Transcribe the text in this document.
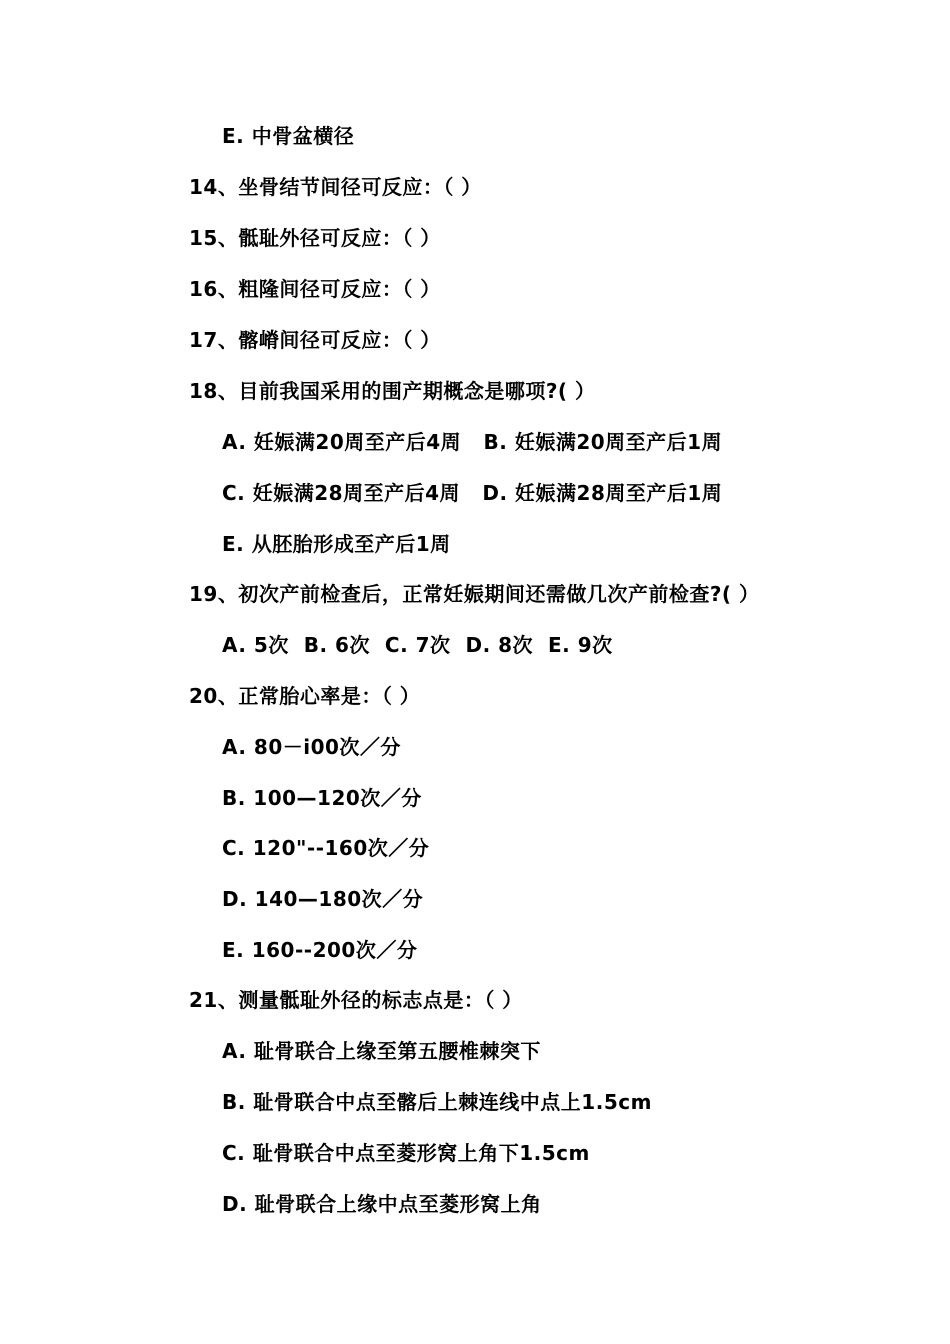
E. 中骨盆横径
14、坐骨结节间径可反应：（ ）
15、骶耻外径可反应：（ ）
16、粗隆间径可反应：（ ）
17、髂嵴间径可反应：（ ）
18、目前我国采用的围产期概念是哪项?( ）
A. 妊娠满20周至产后4周   B. 妊娠满20周至产后1周
C. 妊娠满28周至产后4周   D. 妊娠满28周至产后1周
E. 从胚胎形成至产后1周
19、初次产前检查后，正常妊娠期间还需做几次产前检查?( ）
A. 5次  B. 6次  C. 7次  D. 8次  E. 9次
20、正常胎心率是：（ ）
A. 80－i00次／分
B. 100—120次／分
C. 120"--160次／分
D. 140—180次／分
E. 160--200次／分
21、测量骶耻外径的标志点是：（ ）
A. 耻骨联合上缘至第五腰椎棘突下
B. 耻骨联合中点至髂后上棘连线中点上1.5cm
C. 耻骨联合中点至菱形窝上角下1.5cm
D. 耻骨联合上缘中点至菱形窝上角
